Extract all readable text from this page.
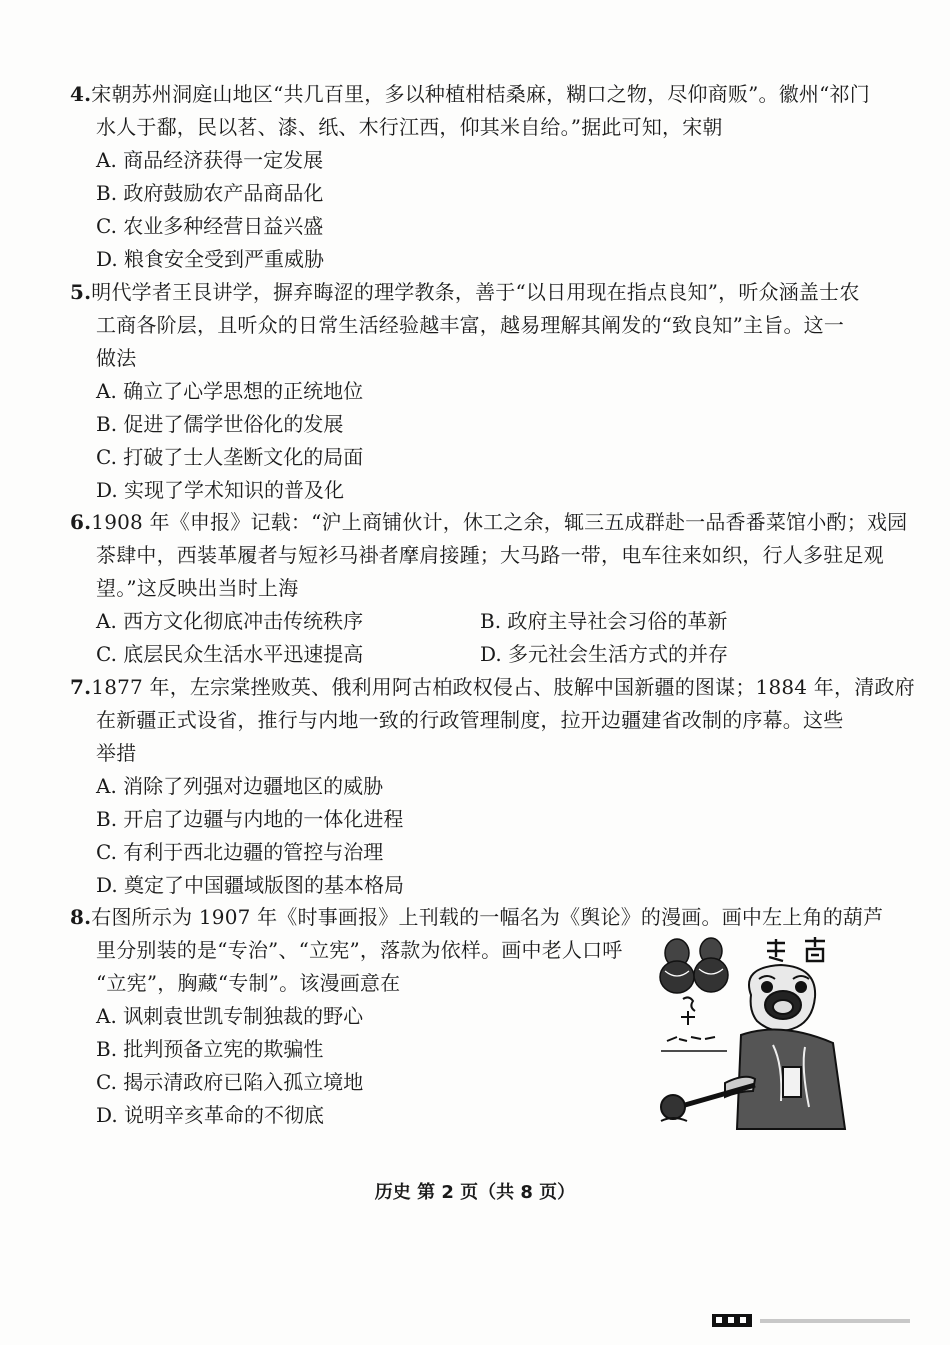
4.宋朝苏州洞庭山地区“共几百里，多以种植柑桔桑麻，糊口之物，尽仰商贩”。徽州“祁门
水人于鄱，民以茗、漆、纸、木行江西，仰其米自给。”据此可知，宋朝
A. 商品经济获得一定发展
B. 政府鼓励农产品商品化
C. 农业多种经营日益兴盛
D. 粮食安全受到严重威胁
5.明代学者王艮讲学，摒弃晦涩的理学教条，善于“以日用现在指点良知”，听众涵盖士农
工商各阶层，且听众的日常生活经验越丰富，越易理解其阐发的“致良知”主旨。这一
做法
A. 确立了心学思想的正统地位
B. 促进了儒学世俗化的发展
C. 打破了士人垄断文化的局面
D. 实现了学术知识的普及化
6.1908 年《申报》记载：“沪上商铺伙计，休工之余，辄三五成群赴一品香番菜馆小酌；戏园
茶肆中，西装革履者与短衫马褂者摩肩接踵；大马路一带，电车往来如织，行人多驻足观
望。”这反映出当时上海
A. 西方文化彻底冲击传统秩序	B. 政府主导社会习俗的革新
C. 底层民众生活水平迅速提高	D. 多元社会生活方式的并存
7.1877 年，左宗棠挫败英、俄利用阿古柏政权侵占、肢解中国新疆的图谋；1884 年，清政府
在新疆正式设省，推行与内地一致的行政管理制度，拉开边疆建省改制的序幕。这些
举措
A. 消除了列强对边疆地区的威胁
B. 开启了边疆与内地的一体化进程
C. 有利于西北边疆的管控与治理
D. 奠定了中国疆域版图的基本格局
8.右图所示为 1907 年《时事画报》上刊载的一幅名为《舆论》的漫画。画中左上角的葫芦
里分别装的是“专治”、“立宪”，落款为依样。画中老人口呼
“立宪”，胸藏“专制”。该漫画意在
A. 讽刺袁世凯专制独裁的野心
B. 批判预备立宪的欺骗性
C. 揭示清政府已陷入孤立境地
D. 说明辛亥革命的不彻底
历史 第 2 页（共 8 页）
